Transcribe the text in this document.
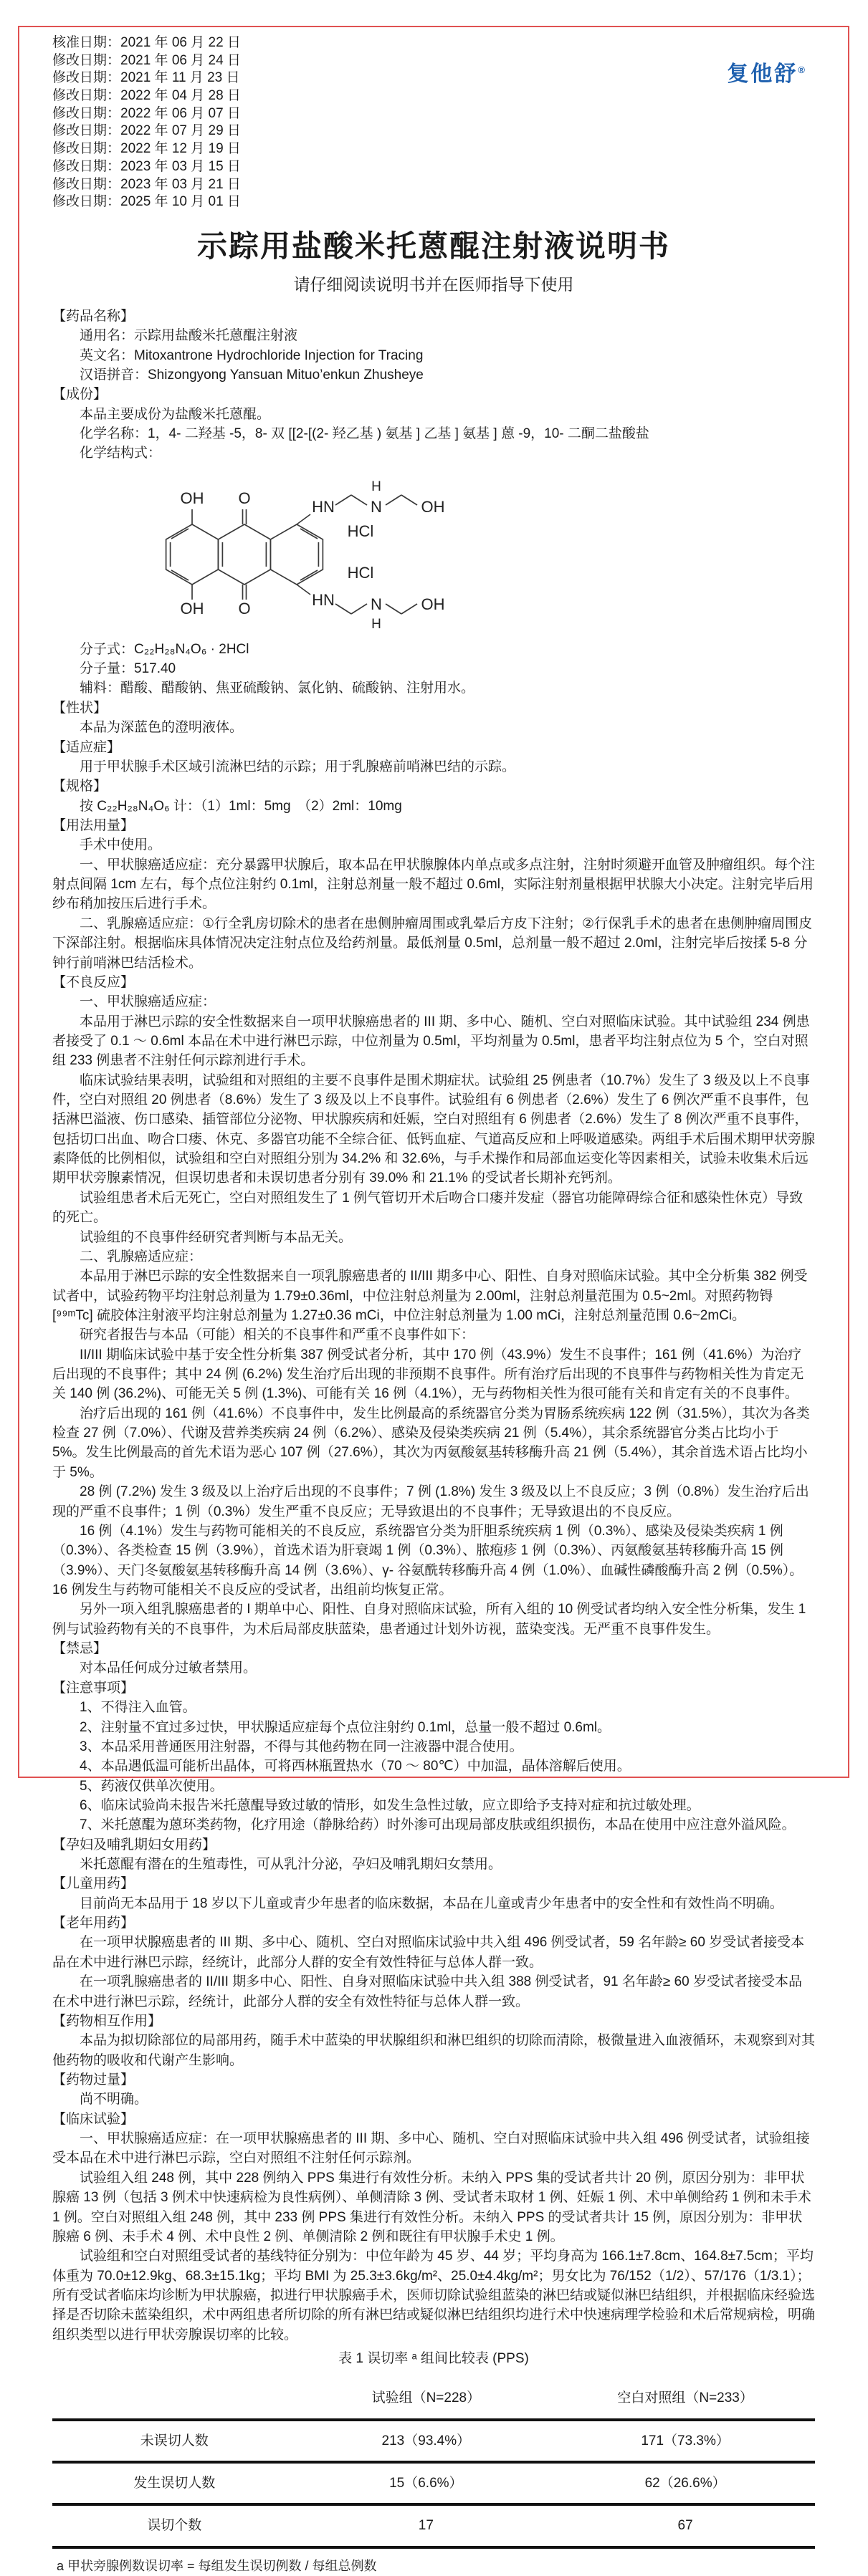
复他舒®
核准日期：2021 年 06 月 22 日
修改日期：2021 年 06 月 24 日
修改日期：2021 年 11 月 23 日
修改日期：2022 年 04 月 28 日
修改日期：2022 年 06 月 07 日
修改日期：2022 年 07 月 29 日
修改日期：2022 年 12 月 19 日
修改日期：2023 年 03 月 15 日
修改日期：2023 年 03 月 21 日
修改日期：2025 年 10 月 01 日
示踪用盐酸米托蒽醌注射液说明书
请仔细阅读说明书并在医师指导下使用

【药品名称】

通用名：示踪用盐酸米托蒽醌注射液

英文名：Mitoxantrone Hydrochloride Injection for Tracing

汉语拼音：Shizongyong Yansuan Mituo’enkun Zhusheye

【成份】

本品主要成份为盐酸米托蒽醌。

化学名称：1，4- 二羟基 -5，8- 双 [[2-[(2- 羟乙基 ) 氨基 ] 乙基 ] 氨基 ] 蒽 -9，10- 二酮二盐酸盐

化学结构式：

OH
OH
O
O
HN N
H
OH
HCl
HN N
H
OH
HCl

分子式：C₂₂H₂₈N₄O₆ · 2HCl

分子量：517.40

辅料：醋酸、醋酸钠、焦亚硫酸钠、氯化钠、硫酸钠、注射用水。

【性状】

本品为深蓝色的澄明液体。

【适应症】

用于甲状腺手术区域引流淋巴结的示踪；用于乳腺癌前哨淋巴结的示踪。

【规格】

按 C₂₂H₂₈N₄O₆ 计：（1）1ml：5mg　（2）2ml：10mg

【用法用量】

手术中使用。

一、甲状腺癌适应症：充分暴露甲状腺后，取本品在甲状腺腺体内单点或多点注射，注射时须避开血管及肿瘤组织。每个注射点间隔 1cm 左右，每个点位注射约 0.1ml，注射总剂量一般不超过 0.6ml，实际注射剂量根据甲状腺大小决定。注射完毕后用纱布稍加按压后进行手术。

二、乳腺癌适应症：①行全乳房切除术的患者在患侧肿瘤周围或乳晕后方皮下注射；②行保乳手术的患者在患侧肿瘤周围皮下深部注射。根据临床具体情况决定注射点位及给药剂量。最低剂量 0.5ml，总剂量一般不超过 2.0ml，注射完毕后按揉 5-8 分钟行前哨淋巴结活检术。

【不良反应】

一、甲状腺癌适应症：

本品用于淋巴示踪的安全性数据来自一项甲状腺癌患者的 III 期、多中心、随机、空白对照临床试验。其中试验组 234 例患者接受了 0.1 ～ 0.6ml 本品在术中进行淋巴示踪，中位剂量为 0.5ml，平均剂量为 0.5ml，患者平均注射点位为 5 个，空白对照组 233 例患者不注射任何示踪剂进行手术。

临床试验结果表明，试验组和对照组的主要不良事件是围术期症状。试验组 25 例患者（10.7%）发生了 3 级及以上不良事件，空白对照组 20 例患者（8.6%）发生了 3 级及以上不良事件。试验组有 6 例患者（2.6%）发生了 6 例次严重不良事件，包括淋巴溢液、伤口感染、插管部位分泌物、甲状腺疾病和妊娠，空白对照组有 6 例患者（2.6%）发生了 8 例次严重不良事件，包括切口出血、吻合口瘘、休克、多器官功能不全综合征、低钙血症、气道高反应和上呼吸道感染。两组手术后围术期甲状旁腺素降低的比例相似，试验组和空白对照组分别为 34.2% 和 32.6%，与手术操作和局部血运变化等因素相关，试验未收集术后远期甲状旁腺素情况，但误切患者和未误切患者分别有 39.0% 和 21.1% 的受试者长期补充钙剂。

试验组患者术后无死亡，空白对照组发生了 1 例气管切开术后吻合口瘘并发症（器官功能障碍综合征和感染性休克）导致的死亡。

试验组的不良事件经研究者判断与本品无关。

二、乳腺癌适应症：

本品用于淋巴示踪的安全性数据来自一项乳腺癌患者的 II/III 期多中心、阳性、自身对照临床试验。其中全分析集 382 例受试者中，试验药物平均注射总剂量为 1.79±0.36ml，中位注射总剂量为 2.00ml，注射总剂量范围为 0.5~2ml。对照药物锝 [⁹⁹ᵐTc] 硫胶体注射液平均注射总剂量为 1.27±0.36 mCi，中位注射总剂量为 1.00 mCi，注射总剂量范围 0.6~2mCi。

研究者报告与本品（可能）相关的不良事件和严重不良事件如下：

II/III 期临床试验中基于安全性分析集 387 例受试者分析，其中 170 例（43.9%）发生不良事件；161 例（41.6%）为治疗后出现的不良事件；其中 24 例 (6.2%) 发生治疗后出现的非预期不良事件。所有治疗后出现的不良事件与药物相关性为肯定无关 140 例 (36.2%)、可能无关 5 例 (1.3%)、可能有关 16 例（4.1%），无与药物相关性为很可能有关和肯定有关的不良事件。

治疗后出现的 161 例（41.6%）不良事件中，发生比例最高的系统器官分类为胃肠系统疾病 122 例（31.5%），其次为各类检查 27 例（7.0%）、代谢及营养类疾病 24 例（6.2%）、感染及侵染类疾病 21 例（5.4%），其余系统器官分类占比均小于 5%。发生比例最高的首先术语为恶心 107 例（27.6%），其次为丙氨酸氨基转移酶升高 21 例（5.4%），其余首选术语占比均小于 5%。

28 例 (7.2%) 发生 3 级及以上治疗后出现的不良事件；7 例 (1.8%) 发生 3 级及以上不良反应；3 例（0.8%）发生治疗后出现的严重不良事件；1 例（0.3%）发生严重不良反应；无导致退出的不良事件；无导致退出的不良反应。

16 例（4.1%）发生与药物可能相关的不良反应，系统器官分类为肝胆系统疾病 1 例（0.3%）、感染及侵染类疾病 1 例（0.3%）、各类检查 15 例（3.9%），首选术语为肝衰竭 1 例（0.3%）、脓疱疹 1 例（0.3%）、丙氨酸氨基转移酶升高 15 例（3.9%）、天门冬氨酸氨基转移酶升高 14 例（3.6%）、γ- 谷氨酰转移酶升高 4 例（1.0%）、血碱性磷酸酶升高 2 例（0.5%）。16 例发生与药物可能相关不良反应的受试者，出组前均恢复正常。

另外一项入组乳腺癌患者的 I 期单中心、阳性、自身对照临床试验，所有入组的 10 例受试者均纳入安全性分析集，发生 1 例与试验药物有关的不良事件，为术后局部皮肤蓝染，患者通过计划外访视，蓝染变浅。无严重不良事件发生。

【禁忌】

对本品任何成分过敏者禁用。

【注意事项】

1、不得注入血管。

2、注射量不宜过多过快，甲状腺适应症每个点位注射约 0.1ml，总量一般不超过 0.6ml。

3、本品采用普通医用注射器，不得与其他药物在同一注液器中混合使用。

4、本品遇低温可能析出晶体，可将西林瓶置热水（70 ～ 80℃）中加温，晶体溶解后使用。

5、药液仅供单次使用。

6、临床试验尚未报告米托蒽醌导致过敏的情形，如发生急性过敏，应立即给予支持对症和抗过敏处理。

7、米托蒽醌为蒽环类药物，化疗用途（静脉给药）时外渗可出现局部皮肤或组织损伤，本品在使用中应注意外溢风险。

【孕妇及哺乳期妇女用药】

米托蒽醌有潜在的生殖毒性，可从乳汁分泌，孕妇及哺乳期妇女禁用。

【儿童用药】

目前尚无本品用于 18 岁以下儿童或青少年患者的临床数据，本品在儿童或青少年患者中的安全性和有效性尚不明确。

【老年用药】

在一项甲状腺癌患者的 III 期、多中心、随机、空白对照临床试验中共入组 496 例受试者，59 名年龄≥ 60 岁受试者接受本品在术中进行淋巴示踪，经统计，此部分人群的安全有效性特征与总体人群一致。

在一项乳腺癌患者的 II/III 期多中心、阳性、自身对照临床试验中共入组 388 例受试者，91 名年龄≥ 60 岁受试者接受本品在术中进行淋巴示踪，经统计，此部分人群的安全有效性特征与总体人群一致。

【药物相互作用】

本品为拟切除部位的局部用药，随手术中蓝染的甲状腺组织和淋巴组织的切除而清除，极微量进入血液循环，未观察到对其他药物的吸收和代谢产生影响。

【药物过量】

尚不明确。

【临床试验】

一、甲状腺癌适应症：在一项甲状腺癌患者的 III 期、多中心、随机、空白对照临床试验中共入组 496 例受试者，试验组接受本品在术中进行淋巴示踪，空白对照组不注射任何示踪剂。

试验组入组 248 例，其中 228 例纳入 PPS 集进行有效性分析。未纳入 PPS 集的受试者共计 20 例，原因分别为：非甲状腺癌 13 例（包括 3 例术中快速病检为良性病例）、单侧清除 3 例、受试者未取材 1 例、妊娠 1 例、术中单侧给药 1 例和未手术 1 例。空白对照组入组 248 例，其中 233 例 PPS 集进行有效性分析。未纳入 PPS 的受试者共计 15 例，原因分别为：非甲状腺癌 6 例、未手术 4 例、术中良性 2 例、单侧清除 2 例和既往有甲状腺手术史 1 例。

试验组和空白对照组受试者的基线特征分别为：中位年龄为 45 岁、44 岁；平均身高为 166.1±7.8cm、164.8±7.5cm；平均体重为 70.0±12.9kg、68.3±15.1kg；平均 BMI 为 25.3±3.6kg/m²、25.0±4.4kg/m²；男女比为 76/152（1/2）、57/176（1/3.1）；所有受试者临床均诊断为甲状腺癌，拟进行甲状腺癌手术，医师切除试验组蓝染的淋巴结或疑似淋巴结组织，并根据临床经验选择是否切除未蓝染组织，术中两组患者所切除的所有淋巴结或疑似淋巴结组织均进行术中快速病理学检验和术后常规病检，明确组织类型以进行甲状旁腺误切率的比较。

表 1 误切率 ᵃ 组间比较表 (PPS)
	试验组（N=228）	空白对照组（N=233）
未误切人数	213（93.4%）	171（73.3%）
发生误切人数	15（6.6%）	62（26.6%）
误切个数	17	67
a 甲状旁腺例数误切率 = 每组发生误切例数 / 每组总例数
